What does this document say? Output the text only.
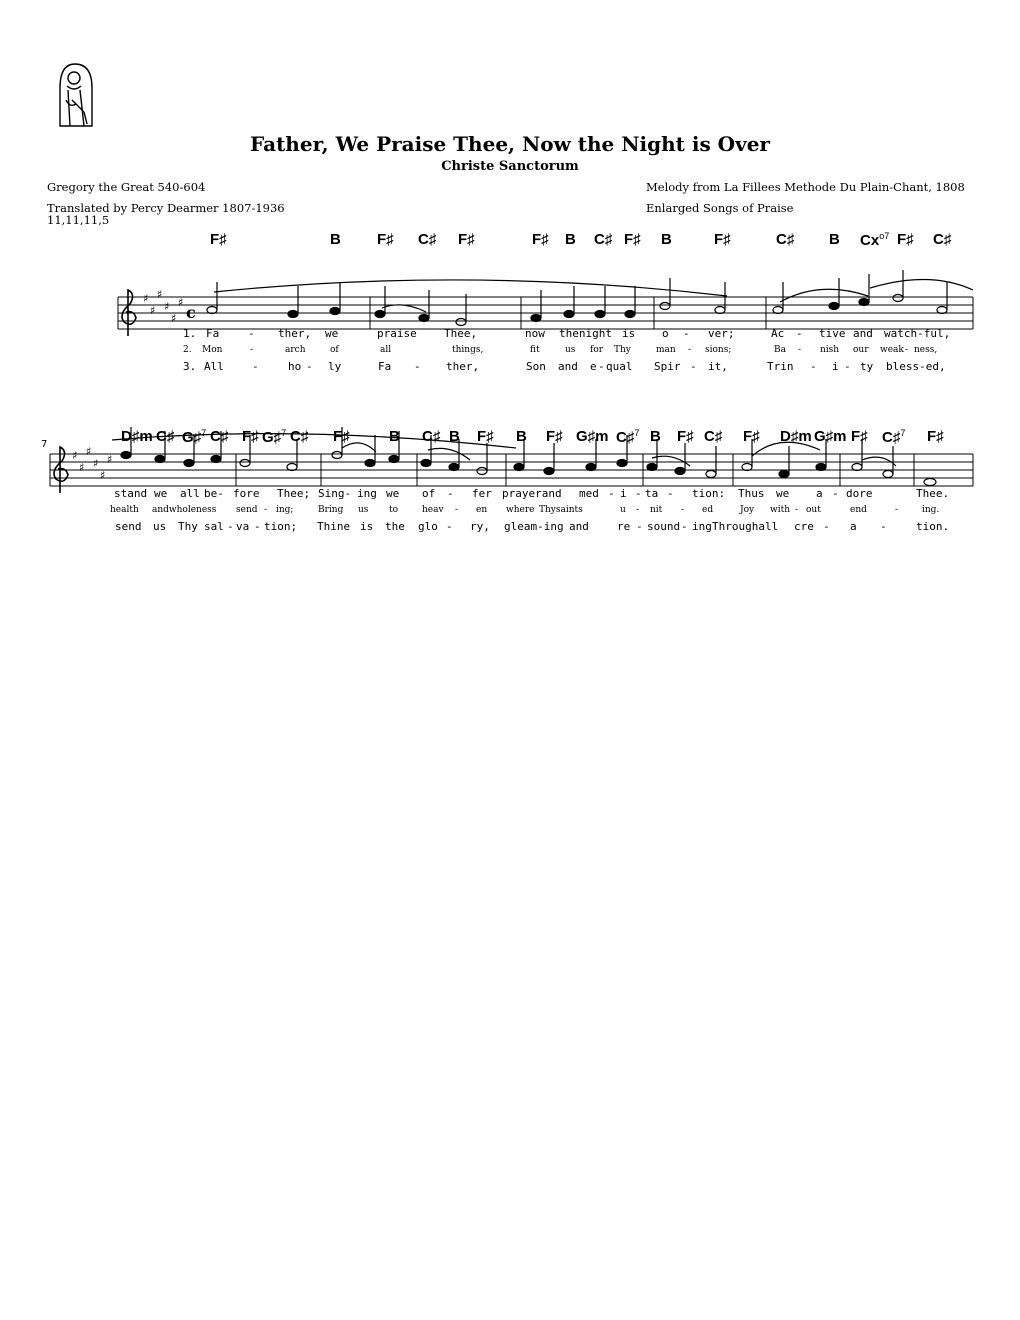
Father, We Praise Thee, Now the Night is Over
Christe Sanctorum
Gregory the Great 540-604
Translated by Percy Dearmer 1807-1936
11,11,11,5
Melody from La Fillees Methode Du Plain-Chant, 1808
Enlarged Songs of Praise
♯
♯
♯
♯
♯
♯
c
♯
♯
♯
♯
♯
♯
7
F♯	B F♯ C♯ F♯	F♯ B C♯ F♯ B	F♯	C♯ B $Cx^{o7}$ F♯ C♯
D♯m C♯ G♯$^7$ C♯ F♯ G♯$^7$ C♯ F♯	B C♯ B F♯ B F♯ G♯m C♯$^7$ B F♯ C♯ F♯ D♯m G♯m F♯ C♯$^7$ F♯
1. Fa	- ther, we	praise Thee,	now thenight is o - ver;	Ac - tive and watch-ful,
2. Mon	-	arch	of	all	things,	fit	us for Thy	man - sions;	Ba - nish our weak - ness,
3. All	-	ho - ly	Fa - ther,	Son and e - qual Spir - it,	Trin - i - ty bless-ed,
stand we all be- fore Thee; Sing- ing we of - fer prayerand med - i - ta - tion: Thus we a - dore	Thee.
health andwholeness send - ing;	Bring us to	heav - en where Thysaints	u - nit - ed	Joy with - out	end	-	ing.
send us Thy sal - va - tion; Thine is the glo - ry, gleam-ing and	re - sound - ing Throughall cre - a -	tion.
